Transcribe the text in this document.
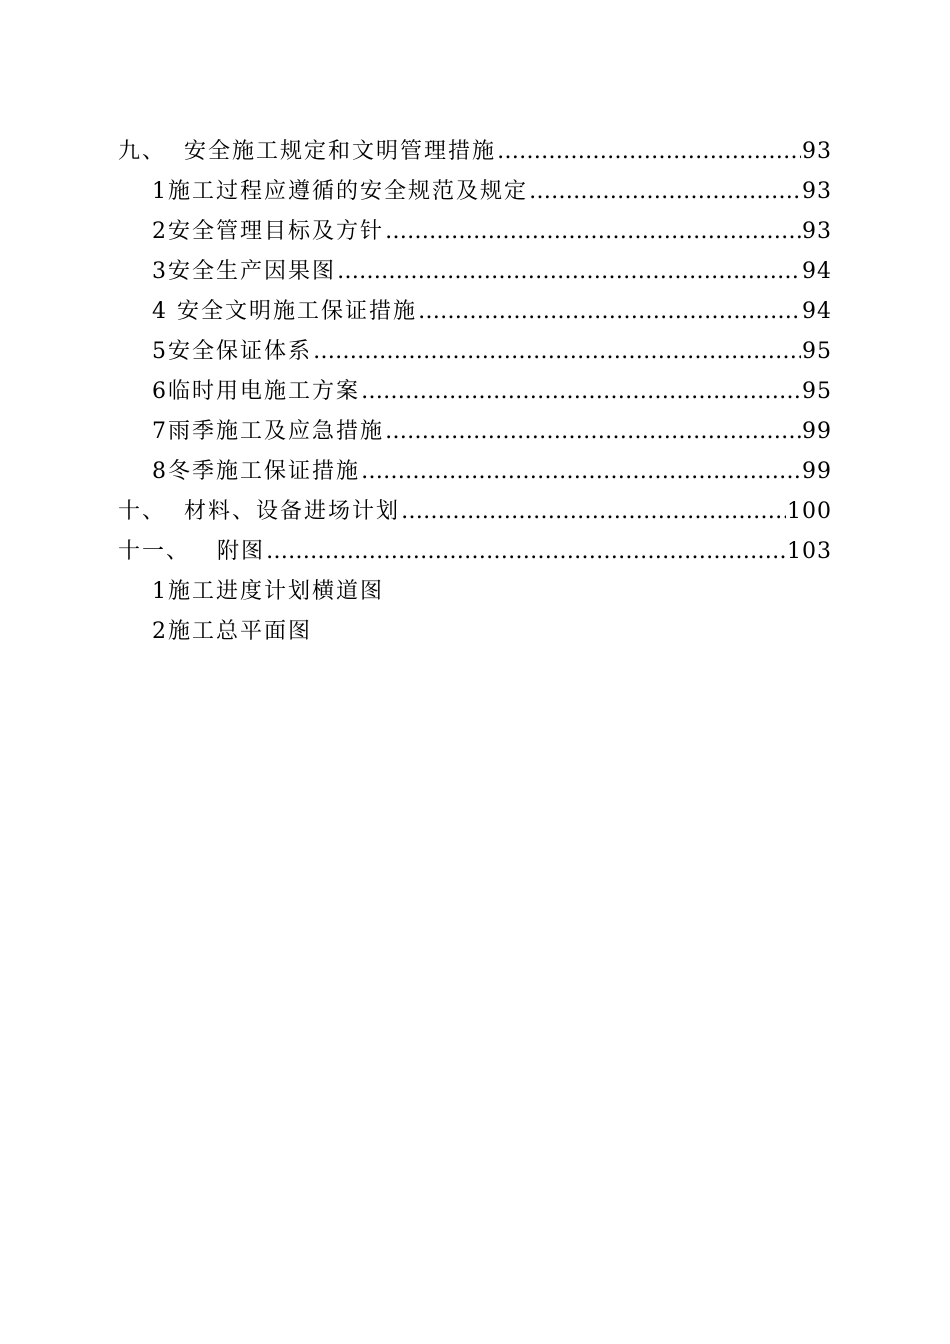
九、  安全施工规定和文明管理措施 …………………………………………………………………………………………………………………………………………………	93
1施工过程应遵循的安全规范及规定 …………………………………………………………………………………………………………………………………………………	93
2安全管理目标及方针 …………………………………………………………………………………………………………………………………………………	93
3安全生产因果图 …………………………………………………………………………………………………………………………………………………	94
4 安全文明施工保证措施 …………………………………………………………………………………………………………………………………………………	94
5安全保证体系 …………………………………………………………………………………………………………………………………………………	95
6临时用电施工方案 …………………………………………………………………………………………………………………………………………………	95
7雨季施工及应急措施 …………………………………………………………………………………………………………………………………………………	99
8冬季施工保证措施 …………………………………………………………………………………………………………………………………………………	99
十、  材料、设备进场计划 …………………………………………………………………………………………………………………………………………………	100
十一、   附图 …………………………………………………………………………………………………………………………………………………	103
1施工进度计划横道图
2施工总平面图
